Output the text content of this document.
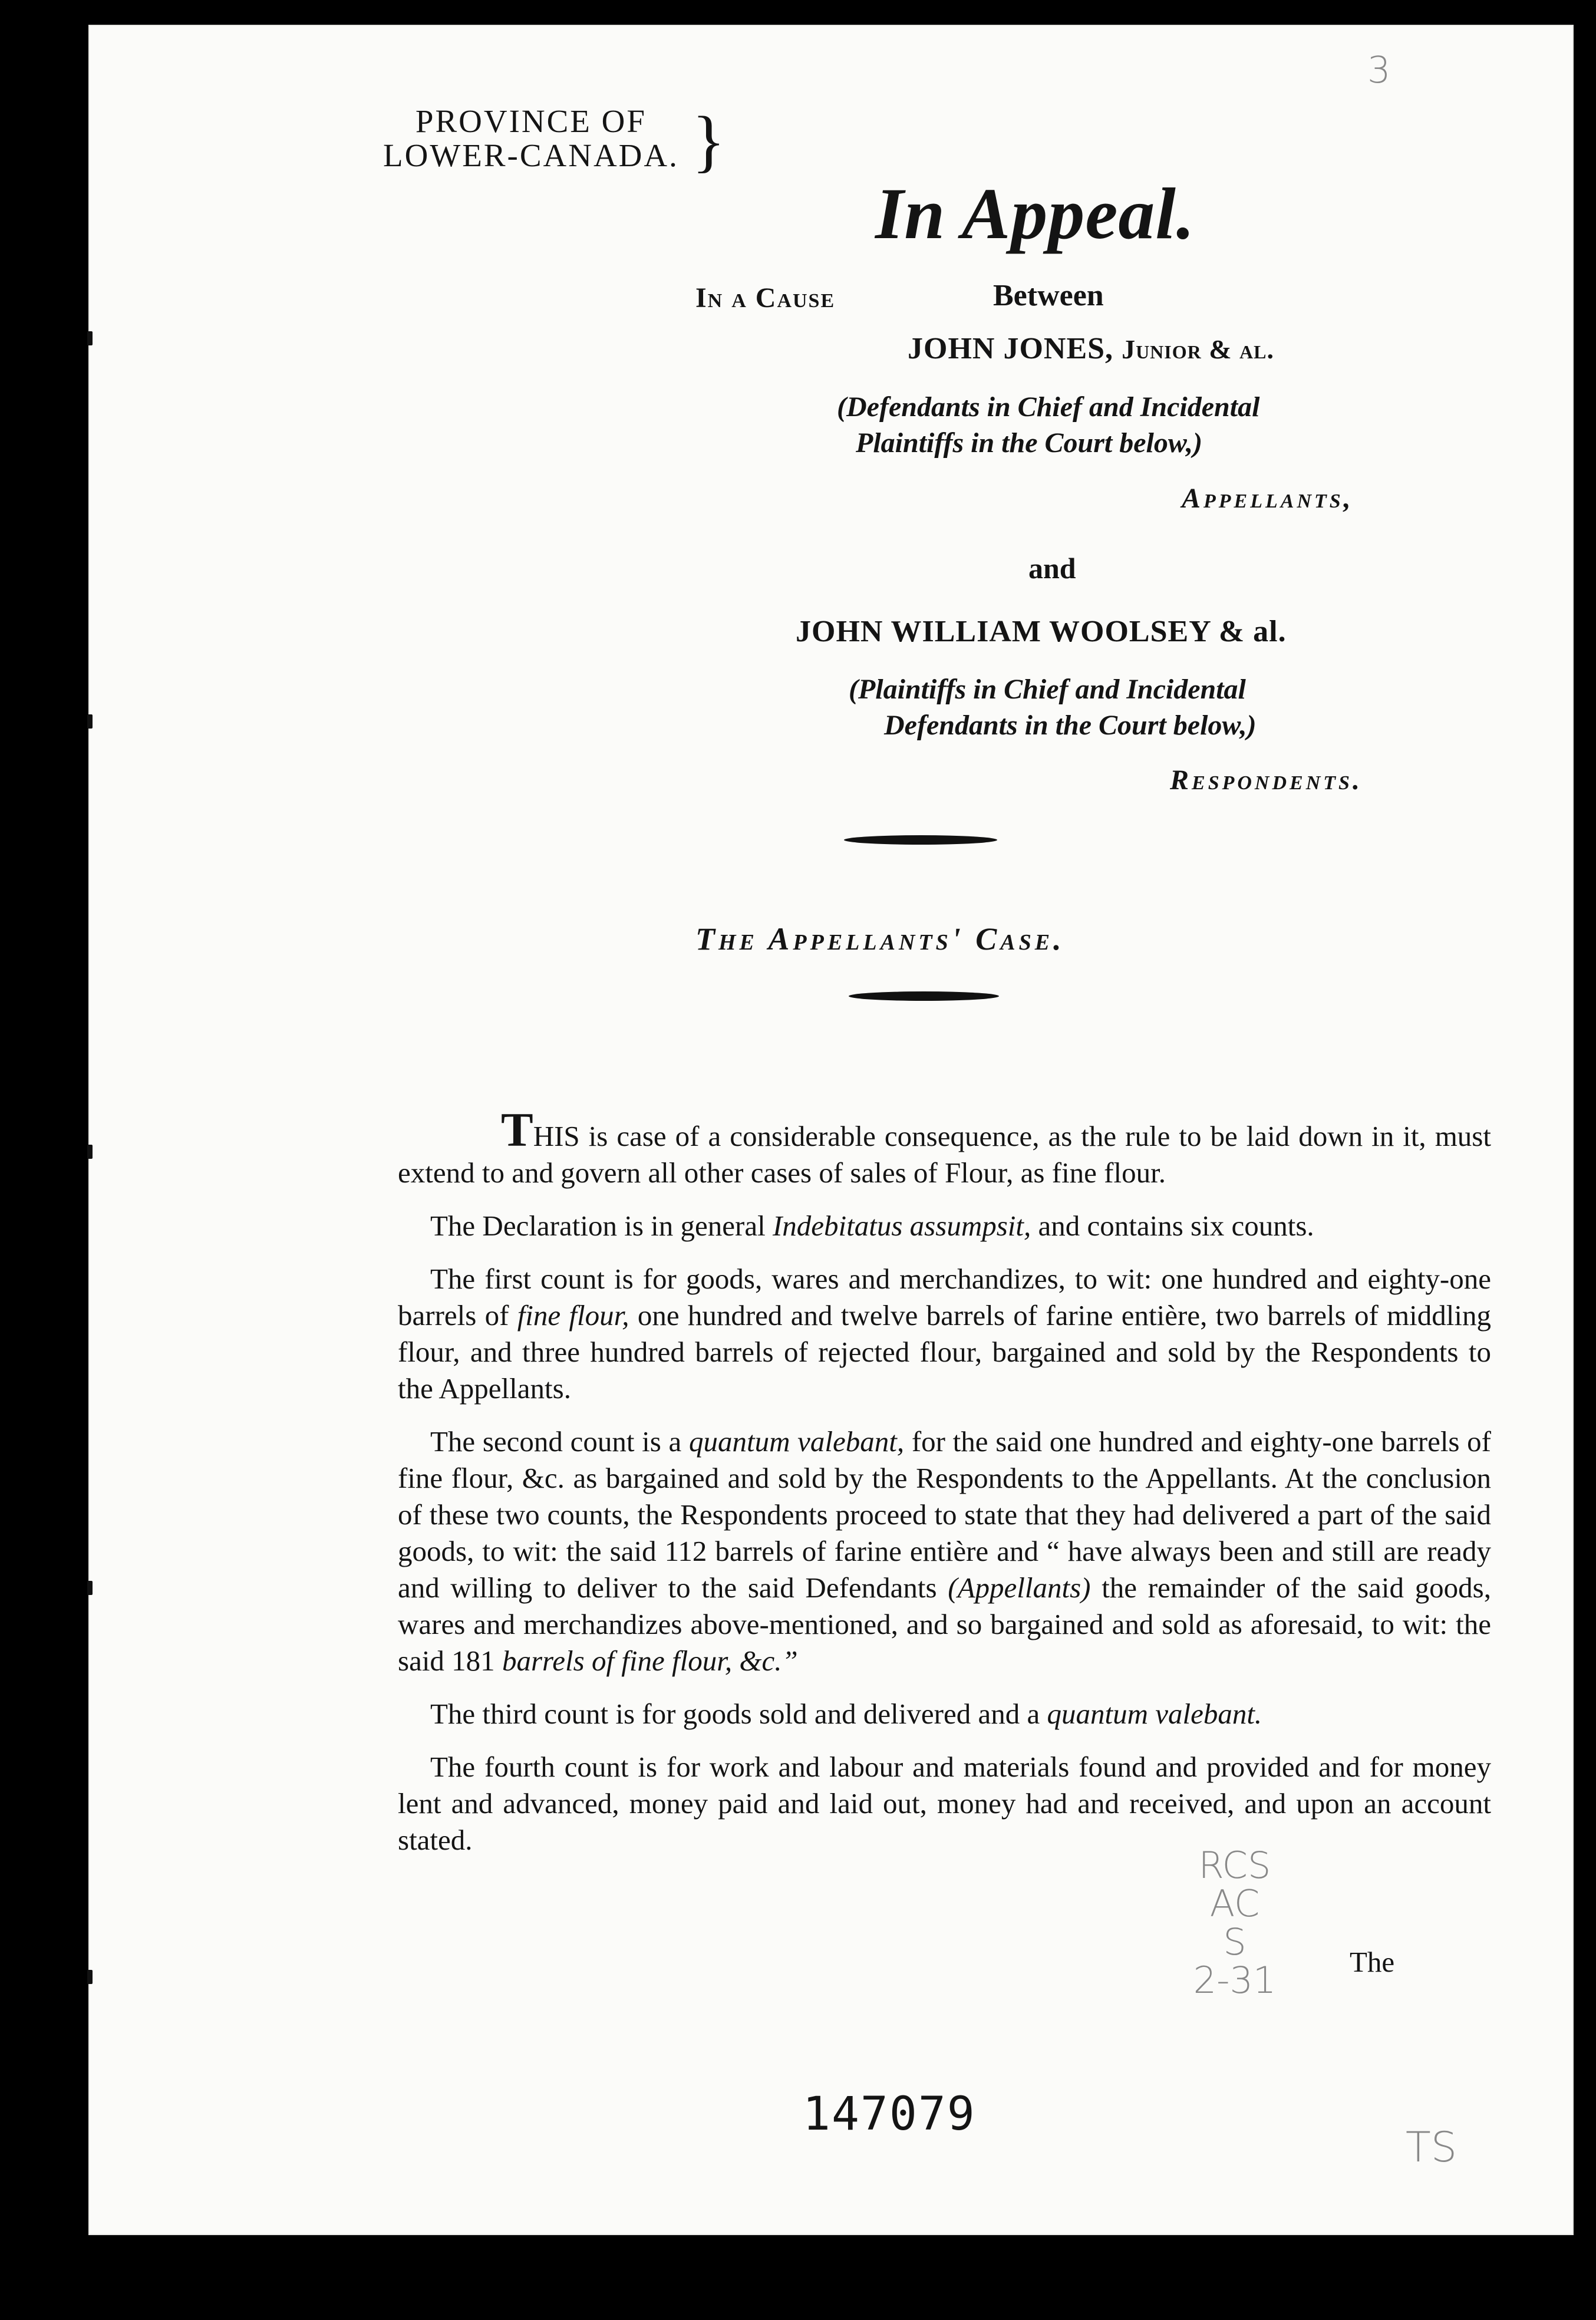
3
PROVINCE OF
LOWER-CANADA. }
In Appeal.
In a Cause	Between
JOHN JONES, Junior & al.
(Defendants in Chief and Incidental
Plaintiffs in the Court below,)
Appellants,
and
JOHN WILLIAM WOOLSEY & al.
(Plaintiffs in Chief and Incidental
Defendants in the Court below,)
Respondents.
The Appellants' Case.

THIS is case of a considerable consequence, as the rule to be laid down in it, must extend to and govern all other cases of sales of Flour, as fine flour.

The Declaration is in general Indebitatus assumpsit, and contains six counts.

The first count is for goods, wares and merchandizes, to wit: one hundred and eighty-one barrels of fine flour, one hundred and twelve barrels of farine entière, two barrels of middling flour, and three hundred barrels of rejected flour, bargained and sold by the Respondents to the Appellants.

The second count is a quantum valebant, for the said one hundred and eighty-one barrels of fine flour, &c. as bargained and sold by the Respondents to the Appellants. At the conclusion of these two counts, the Respondents proceed to state that they had delivered a part of the said goods, to wit: the said 112 barrels of farine entière and “ have always been and still are ready and willing to deliver to the said Defendants (Appellants) the remainder of the said goods, wares and merchandizes above-mentioned, and so bargained and sold as aforesaid, to wit: the said 181 barrels of fine flour, &c.”

The third count is for goods sold and delivered and a quantum valebant.

The fourth count is for work and labour and materials found and provided and for money lent and advanced, money paid and laid out, money had and received, and upon an account stated.

The
147079
RCS
AC
S
2-31
TS
